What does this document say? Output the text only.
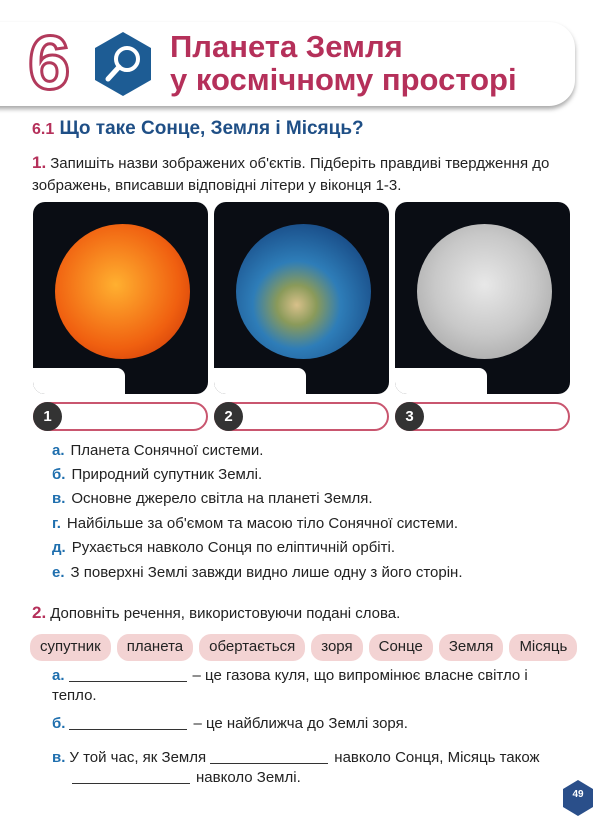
6	Планета Земля
у космічному просторі
6.1 Що таке Сонце, Земля і Місяць?
1. Запишіть назви зображених об'єктів. Підберіть правдиві твердження до зображень, вписавши відповідні літери у віконця 1-3.
1	2	3
а. Планета Сонячної системи.
б. Природний супутник Землі.
в. Основне джерело світла на планеті Земля.
г. Найбільше за об'ємом та масою тіло Сонячної системи.
д. Рухається навколо Сонця по еліптичній орбіті.
е. З поверхні Землі завжди видно лише одну з його сторін.
2. Доповніть речення, використовуючи подані слова.
супутник	планета	обертається	зоря	Сонце	Земля	Місяць
а.	– це газова куля, що випромінює власне світло і тепло.
б.	– це найближча до Землі зоря.
в. У той час, як Земля	навколо Сонця, Місяць також
навколо Землі.
49
